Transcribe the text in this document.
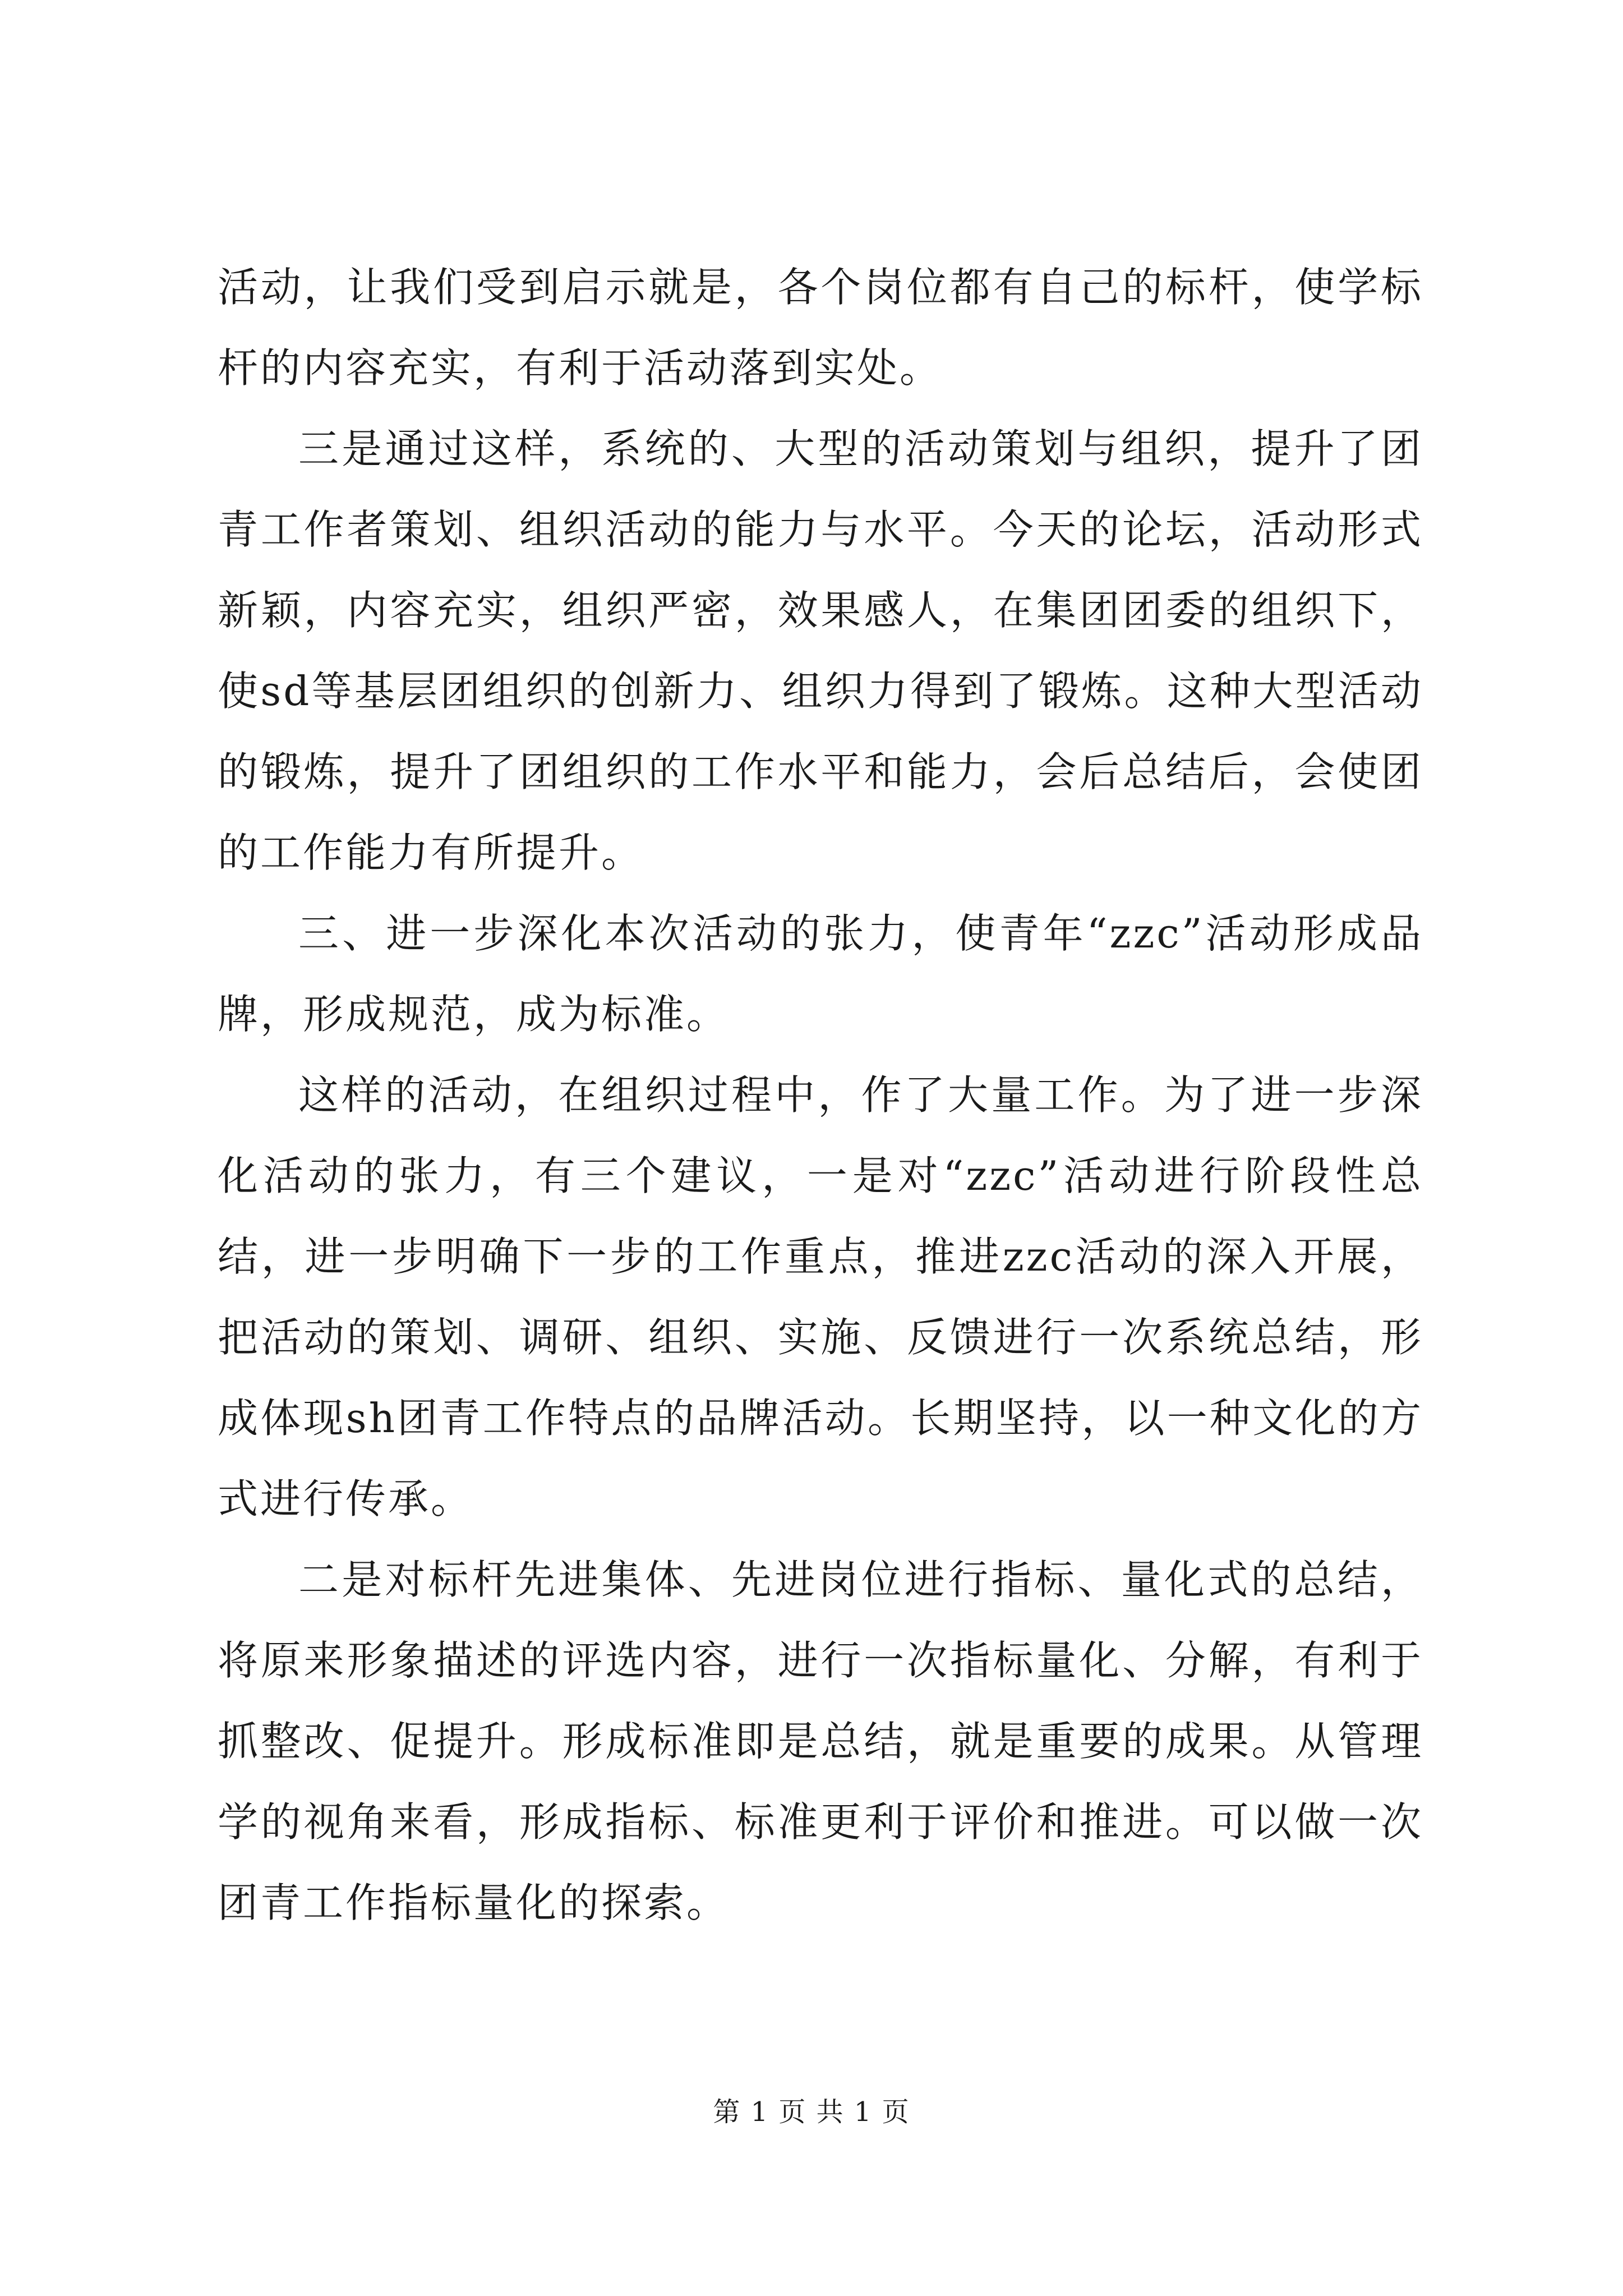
活动，让我们受到启示就是，各个岗位都有自己的标杆，使学标杆的内容充实，有利于活动落到实处。

三是通过这样，系统的、大型的活动策划与组织，提升了团青工作者策划、组织活动的能力与水平。今天的论坛，活动形式新颖，内容充实，组织严密，效果感人，在集团团委的组织下，使sd等基层团组织的创新力、组织力得到了锻炼。这种大型活动的锻炼，提升了团组织的工作水平和能力，会后总结后，会使团的工作能力有所提升。

三、进一步深化本次活动的张力，使青年“zzc”活动形成品牌，形成规范，成为标准。

这样的活动，在组织过程中，作了大量工作。为了进一步深化活动的张力，有三个建议，一是对“zzc”活动进行阶段性总结，进一步明确下一步的工作重点，推进zzc活动的深入开展，把活动的策划、调研、组织、实施、反馈进行一次系统总结，形成体现sh团青工作特点的品牌活动。长期坚持，以一种文化的方式进行传承。

二是对标杆先进集体、先进岗位进行指标、量化式的总结，将原来形象描述的评选内容，进行一次指标量化、分解，有利于抓整改、促提升。形成标准即是总结，就是重要的成果。从管理学的视角来看，形成指标、标准更利于评价和推进。可以做一次团青工作指标量化的探索。

第 1 页 共 1 页
